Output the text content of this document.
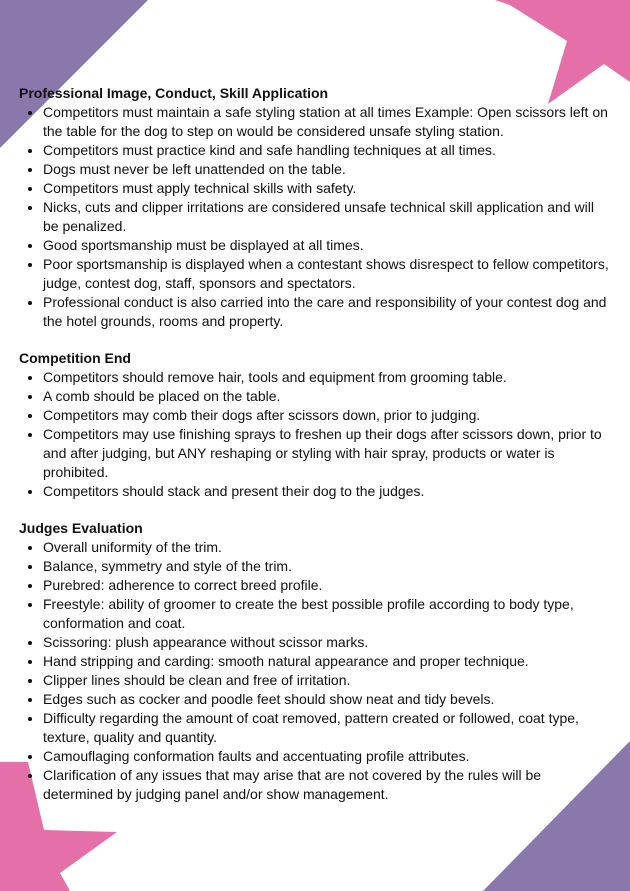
Professional Image, Conduct, Skill Application

• Competitors must maintain a safe styling station at all times Example: Open scissors left on the table for the dog to step on would be considered unsafe styling station.
• Competitors must practice kind and safe handling techniques at all times.
• Dogs must never be left unattended on the table.
• Competitors must apply technical skills with safety.
• Nicks, cuts and clipper irritations are considered unsafe technical skill application and will be penalized.
• Good sportsmanship must be displayed at all times.
• Poor sportsmanship is displayed when a contestant shows disrespect to fellow competitors, judge, contest dog, staff, sponsors and spectators.
• Professional conduct is also carried into the care and responsibility of your contest dog and the hotel grounds, rooms and property.

Competition End

• Competitors should remove hair, tools and equipment from grooming table.
• A comb should be placed on the table.
• Competitors may comb their dogs after scissors down, prior to judging.
• Competitors may use finishing sprays to freshen up their dogs after scissors down, prior to and after judging, but ANY reshaping or styling with hair spray, products or water is prohibited.
• Competitors should stack and present their dog to the judges.

Judges Evaluation

• Overall uniformity of the trim.
• Balance, symmetry and style of the trim.
• Purebred: adherence to correct breed profile.
• Freestyle: ability of groomer to create the best possible profile according to body type, conformation and coat.
• Scissoring: plush appearance without scissor marks.
• Hand stripping and carding: smooth natural appearance and proper technique.
• Clipper lines should be clean and free of irritation.
• Edges such as cocker and poodle feet should show neat and tidy bevels.
• Difficulty regarding the amount of coat removed, pattern created or followed, coat type, texture, quality and quantity.
• Camouflaging conformation faults and accentuating profile attributes.
• Clarification of any issues that may arise that are not covered by the rules will be determined by judging panel and/or show management.
